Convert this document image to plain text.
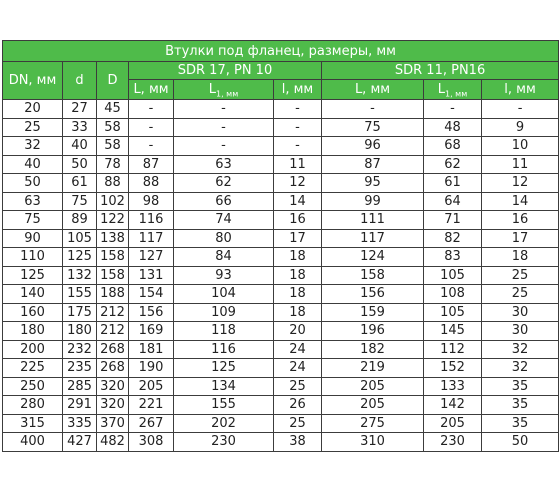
Втулки под фланец, размеры, мм								
DN, мм	d	D	SDR 17, PN 10			SDR 11, PN16		
			L, мм	$L_{1, мм}$	l, мм	L, мм	$L_{1, мм}$	l, мм
20	27	45	-	-	-	-	-	-
25	33	58	-	-	-	75	48	9
32	40	58	-	-	-	96	68	10
40	50	78	87	63	11	87	62	11
50	61	88	88	62	12	95	61	12
63	75	102	98	66	14	99	64	14
75	89	122	116	74	16	111	71	16
90	105	138	117	80	17	117	82	17
110	125	158	127	84	18	124	83	18
125	132	158	131	93	18	158	105	25
140	155	188	154	104	18	156	108	25
160	175	212	156	109	18	159	105	30
180	180	212	169	118	20	196	145	30
200	232	268	181	116	24	182	112	32
225	235	268	190	125	24	219	152	32
250	285	320	205	134	25	205	133	35
280	291	320	221	155	26	205	142	35
315	335	370	267	202	25	275	205	35
400	427	482	308	230	38	310	230	50
